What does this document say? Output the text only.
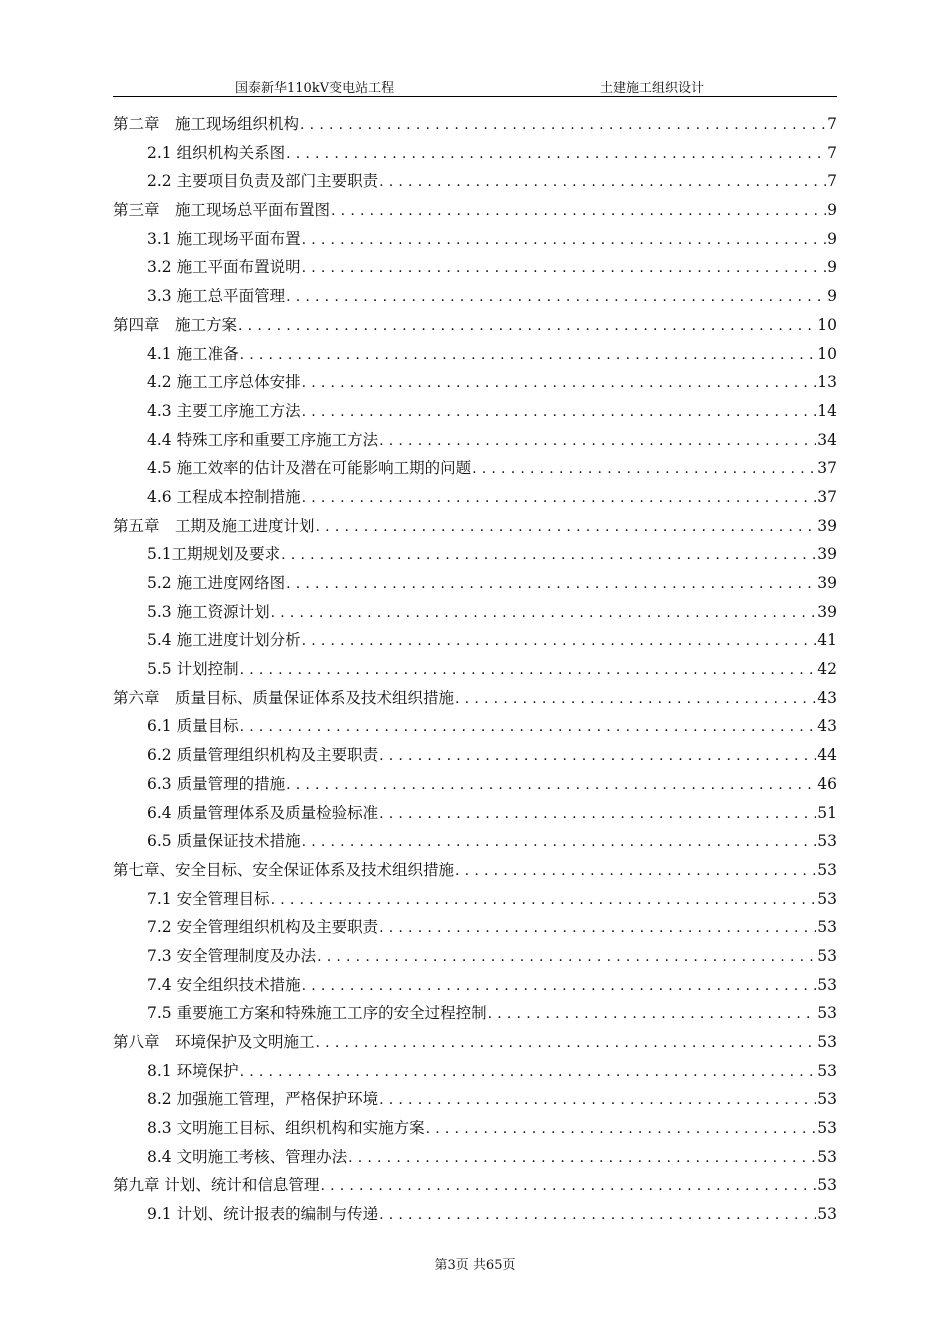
国泰新华110kV变电站工程	土建施工组织设计
第二章　施工现场组织机构 .....	7
2.1 组织机构关系图 .....	7
2.2 主要项目负责及部门主要职责 .....	7
第三章　施工现场总平面布置图 .....	9
3.1 施工现场平面布置 .....	9
3.2 施工平面布置说明 .....	9
3.3 施工总平面管理 .....	9
第四章　施工方案 .....	10
4.1 施工准备 .....	10
4.2 施工工序总体安排 .....	13
4.3 主要工序施工方法 .....	14
4.4 特殊工序和重要工序施工方法 .....	34
4.5 施工效率的估计及潜在可能影响工期的问题 .....	37
4.6 工程成本控制措施 .....	37
第五章　工期及施工进度计划 .....	39
5.1工期规划及要求 .....	39
5.2 施工进度网络图 .....	39
5.3 施工资源计划 .....	39
5.4 施工进度计划分析 .....	41
5.5 计划控制 .....	42
第六章　质量目标、质量保证体系及技术组织措施 .....	43
6.1 质量目标 .....	43
6.2 质量管理组织机构及主要职责 .....	44
6.3 质量管理的措施 .....	46
6.4 质量管理体系及质量检验标准 .....	51
6.5 质量保证技术措施 .....	53
第七章、安全目标、安全保证体系及技术组织措施 .....	53
7.1 安全管理目标 .....	53
7.2 安全管理组织机构及主要职责 .....	53
7.3 安全管理制度及办法 .....	53
7.4 安全组织技术措施 .....	53
7.5 重要施工方案和特殊施工工序的安全过程控制 .....	53
第八章　环境保护及文明施工 .....	53
8.1 环境保护 .....	53
8.2 加强施工管理，严格保护环境 .....	53
8.3 文明施工目标、组织机构和实施方案 .....	53
8.4 文明施工考核、管理办法 .....	53
第九章 计划、统计和信息管理 .....	53
9.1 计划、统计报表的编制与传递 .....	53
第3页 共65页
